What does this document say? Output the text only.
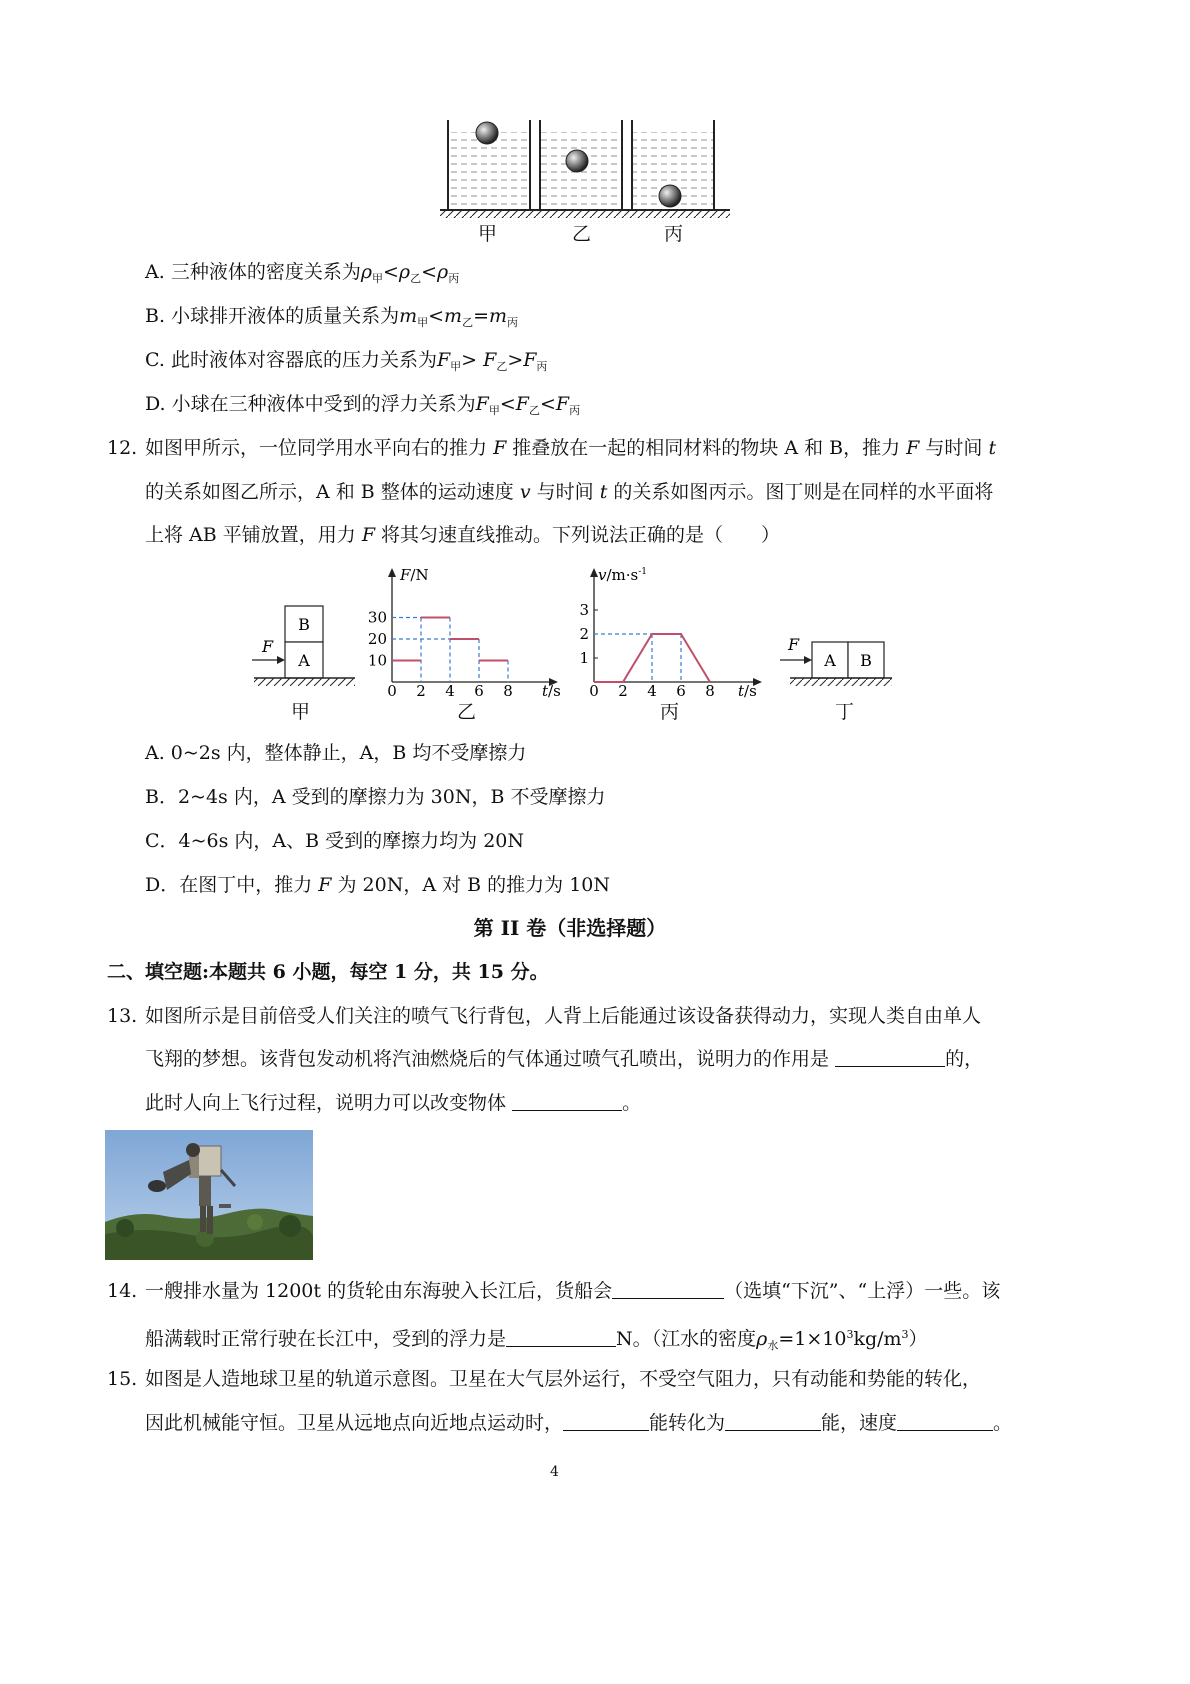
甲	乙	丙
A. 三种液体的密度关系为$\rho_甲<\rho_乙<\rho_丙$
B. 小球排开液体的质量关系为$m_甲<m_乙=m_丙$
C. 此时液体对容器底的压力关系为$F_甲> F_乙>F_丙$
D. 小球在三种液体中受到的浮力关系为$F_甲<F_乙<F_丙$
12. 如图甲所示，一位同学用水平向右的推力 F 推叠放在一起的相同材料的物块 A 和 B，推力 F 与时间 t
的关系如图乙所示，A 和 B 整体的运动速度 v 与时间 t 的关系如图丙示。图丁则是在同样的水平面将
上将 AB 平铺放置，用力 F 将其匀速直线推动。下列说法正确的是（　　）
B
A
F
甲
F/N
t/s
0 2 4 6 8
10
20
30
乙
$v/m\cdot s^{-1}$
t/s
0 2 4 6 8
1
2
3
丙
A B
F
丁
A. 0~2s 内，整体静止，A，B 均不受摩擦力
B．2~4s 内，A 受到的摩擦力为 30N，B 不受摩擦力
C．4~6s 内，A、B 受到的摩擦力均为 20N
D．在图丁中，推力 F 为 20N，A 对 B 的推力为 10N
第 II 卷（非选择题）
二、填空题:本题共 6 小题，每空 1 分，共 15 分。
13. 如图所示是目前倍受人们关注的喷气飞行背包，人背上后能通过该设备获得动力，实现人类自由单人
飞翔的梦想。该背包发动机将汽油燃烧后的气体通过喷气孔喷出，说明力的作用是	的，
此时人向上飞行过程，说明力可以改变物体	。
14. 一艘排水量为 1200t 的货轮由东海驶入长江后，货船会	（选填“下沉”、“上浮）一些。该
船满载时正常行驶在长江中，受到的浮力是	N。（江水的密度$\rho_水=1\times 10^3kg/m^3$）
15. 如图是人造地球卫星的轨道示意图。卫星在大气层外运行，不受空气阻力，只有动能和势能的转化，
因此机械能守恒。卫星从远地点向近地点运动时，	能转化为	能，速度	。
4
